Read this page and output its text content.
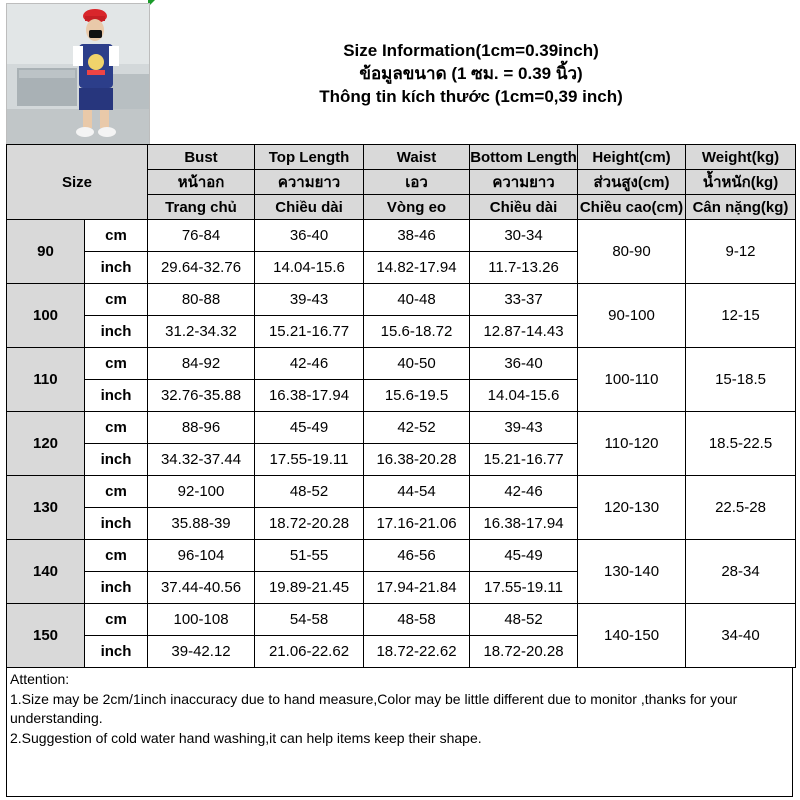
Size Information(1cm=0.39inch)
ข้อมูลขนาด (1 ซม. = 0.39 นิ้ว)
Thông tin kích thước (1cm=0,39 inch)
Size		Bust	Top Length	Waist	Bottom Length	Height(cm)	Weight(kg)
		หน้าอก	ความยาว	เอว	ความยาว	ส่วนสูง(cm)	น้ำหนัก(kg)
		Trang chủ	Chiều dài	Vòng eo	Chiều dài	Chiều cao(cm)	Cân nặng(kg)
90	cm	76-84	36-40	38-46	30-34	80-90	9-12
	inch	29.64-32.76	14.04-15.6	14.82-17.94	11.7-13.26		
100	cm	80-88	39-43	40-48	33-37	90-100	12-15
	inch	31.2-34.32	15.21-16.77	15.6-18.72	12.87-14.43		
110	cm	84-92	42-46	40-50	36-40	100-110	15-18.5
	inch	32.76-35.88	16.38-17.94	15.6-19.5	14.04-15.6		
120	cm	88-96	45-49	42-52	39-43	110-120	18.5-22.5
	inch	34.32-37.44	17.55-19.11	16.38-20.28	15.21-16.77		
130	cm	92-100	48-52	44-54	42-46	120-130	22.5-28
	inch	35.88-39	18.72-20.28	17.16-21.06	16.38-17.94		
140	cm	96-104	51-55	46-56	45-49	130-140	28-34
	inch	37.44-40.56	19.89-21.45	17.94-21.84	17.55-19.11		
150	cm	100-108	54-58	48-58	48-52	140-150	34-40
	inch	39-42.12	21.06-22.62	18.72-22.62	18.72-20.28		
Attention:
1.Size may be 2cm/1inch inaccuracy due to hand measure,Color may be little different due to monitor ,thanks for your understanding.
2.Suggestion of cold water hand washing,it can help items keep their shape.
